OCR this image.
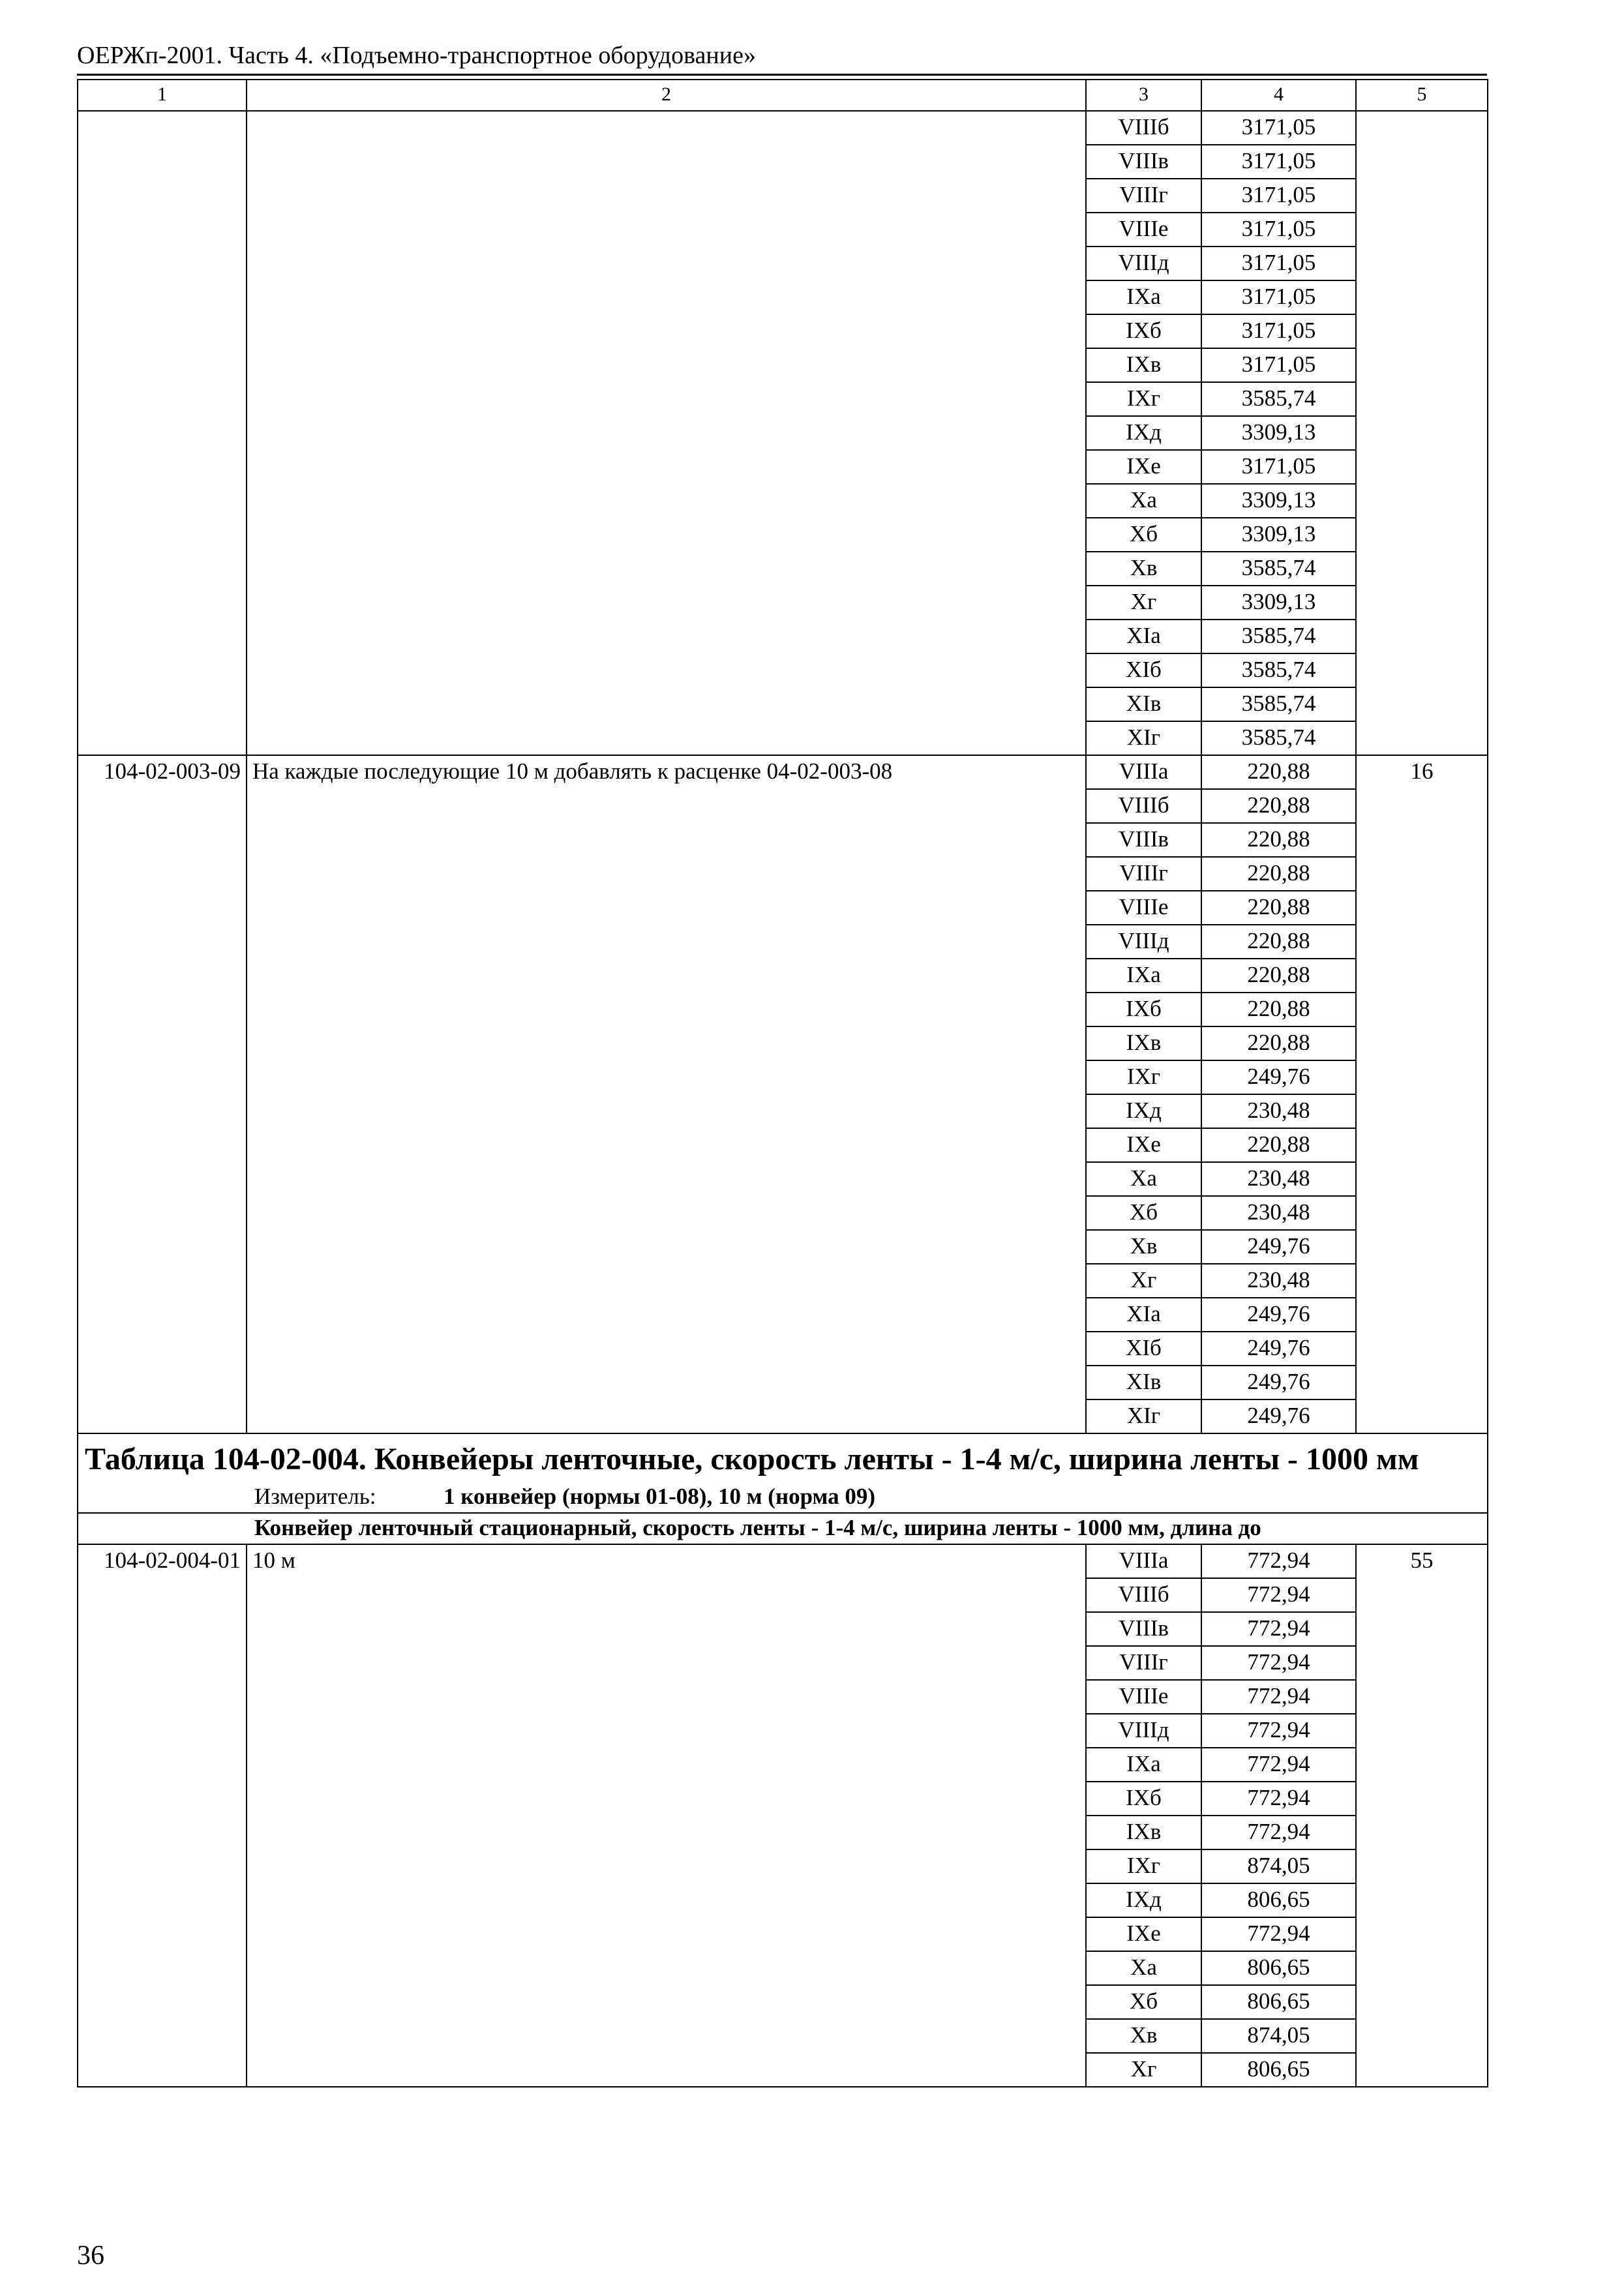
ОЕРЖп-2001. Часть 4. «Подъемно-транспортное оборудование»
1	2	3	4	5
		VIIIб	3171,05	
		VIIIв	3171,05	
		VIIIг	3171,05	
		VIIIе	3171,05	
		VIIIд	3171,05	
		IXа	3171,05	
		IXб	3171,05	
		IXв	3171,05	
		IXг	3585,74	
		IXд	3309,13	
		IXе	3171,05	
		Xа	3309,13	
		Xб	3309,13	
		Xв	3585,74	
		Xг	3309,13	
		XIа	3585,74	
		XIб	3585,74	
		XIв	3585,74	
		XIг	3585,74	
104-02-003-09	На каждые последующие 10 м добавлять к расценке 04-02-003-08	VIIIа	220,88	16
		VIIIб	220,88	
		VIIIв	220,88	
		VIIIг	220,88	
		VIIIе	220,88	
		VIIIд	220,88	
		IXа	220,88	
		IXб	220,88	
		IXв	220,88	
		IXг	249,76	
		IXд	230,48	
		IXе	220,88	
		Xа	230,48	
		Xб	230,48	
		Xв	249,76	
		Xг	230,48	
		XIа	249,76	
		XIб	249,76	
		XIв	249,76	
		XIг	249,76	
Таблица 104-02-004. Конвейеры ленточные, скорость ленты - 1-4 м/с, ширина ленты - 1000 мм				
Измеритель: 1 конвейер (нормы 01-08), 10 м (норма 09)				
Конвейер ленточный стационарный, скорость ленты - 1-4 м/с, ширина ленты - 1000 мм, длина до				
104-02-004-01	10 м	VIIIа	772,94	55
		VIIIб	772,94	
		VIIIв	772,94	
		VIIIг	772,94	
		VIIIе	772,94	
		VIIIд	772,94	
		IXа	772,94	
		IXб	772,94	
		IXв	772,94	
		IXг	874,05	
		IXд	806,65	
		IXе	772,94	
		Xа	806,65	
		Xб	806,65	
		Xв	874,05	
		Xг	806,65	
36
